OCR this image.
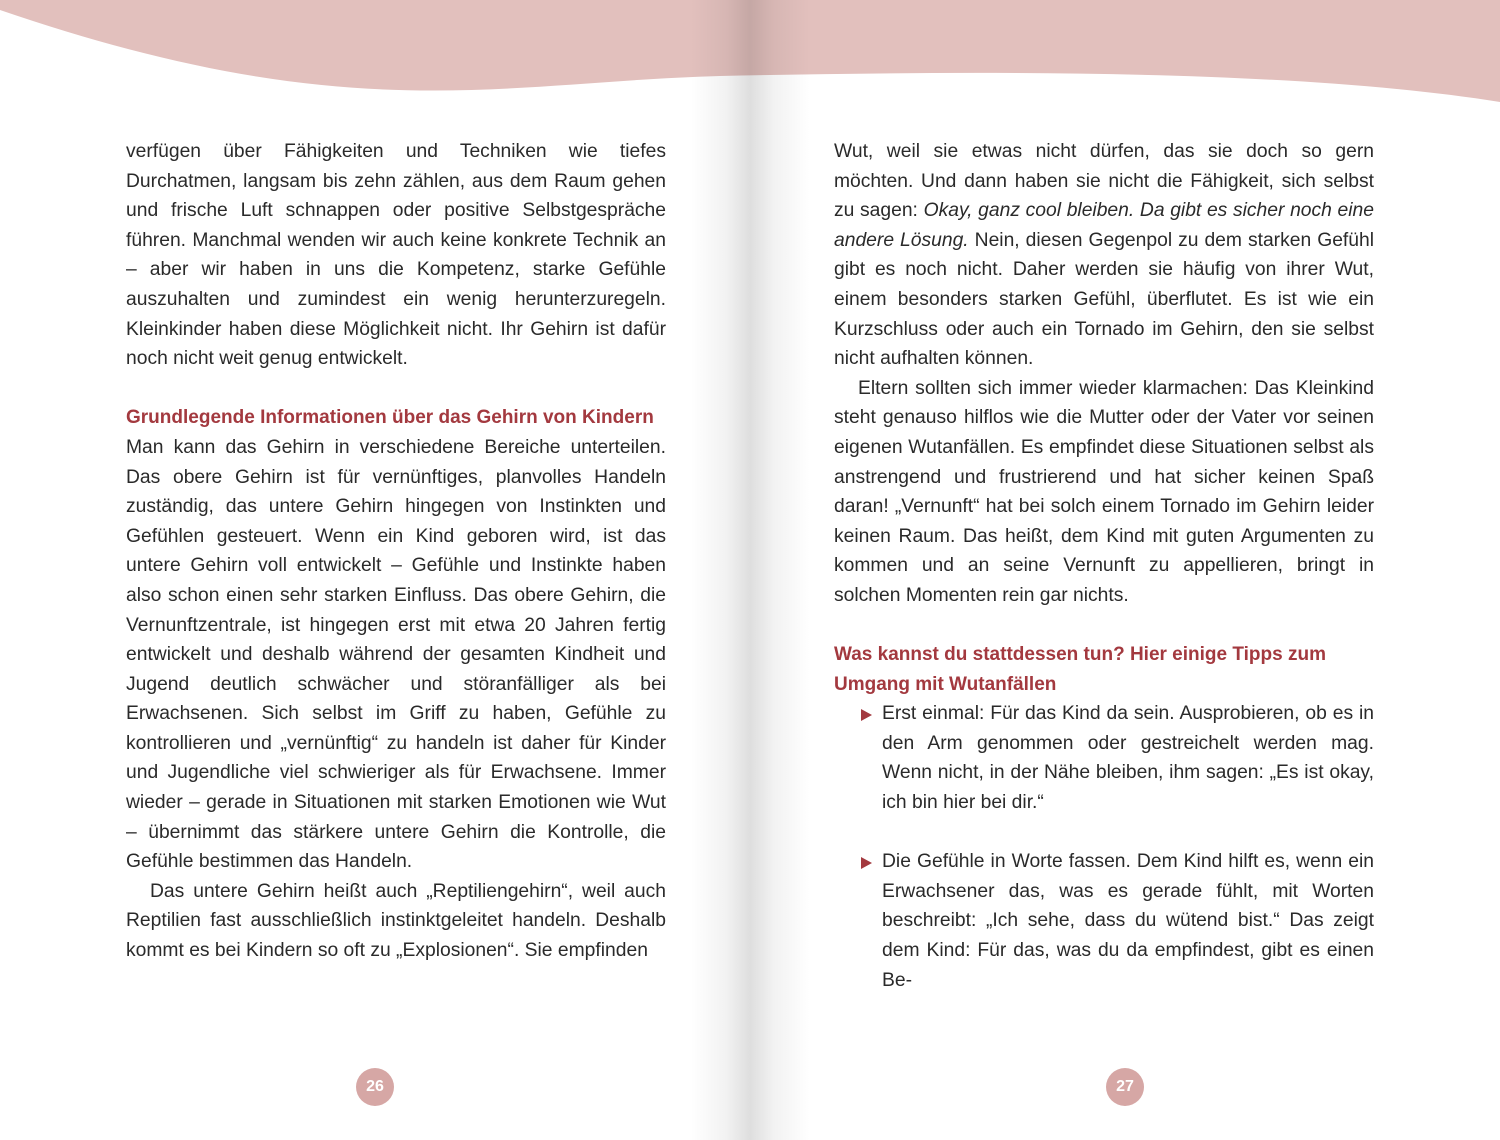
verfügen über Fähigkeiten und Techniken wie tiefes Durchatmen, langsam bis zehn zählen, aus dem Raum gehen und frische Luft schnappen oder positive Selbstgespräche führen. Manchmal wenden wir auch keine konkrete Technik an – aber wir haben in uns die Kompetenz, starke Gefühle auszuhalten und zumindest ein wenig herunterzuregeln. Kleinkinder haben diese Möglichkeit nicht. Ihr Gehirn ist dafür noch nicht weit genug entwickelt.

Grundlegende Informationen über das Gehirn von Kindern

Man kann das Gehirn in verschiedene Bereiche unterteilen. Das obere Gehirn ist für vernünftiges, planvolles Handeln zuständig, das untere Gehirn hingegen von Instinkten und Gefühlen gesteuert. Wenn ein Kind geboren wird, ist das untere Gehirn voll entwickelt – Gefühle und Instinkte haben also schon einen sehr starken Einfluss. Das obere Gehirn, die Vernunftzentrale, ist hingegen erst mit etwa 20 Jahren fertig entwickelt und deshalb während der gesamten Kindheit und Jugend deutlich schwächer und störanfälliger als bei Erwachsenen. Sich selbst im Griff zu haben, Gefühle zu kontrollieren und „vernünftig“ zu handeln ist daher für Kinder und Jugendliche viel schwieriger als für Erwachsene. Immer wieder – gerade in Situationen mit starken Emotionen wie Wut – übernimmt das stärkere untere Gehirn die Kontrolle, die Gefühle bestimmen das Handeln.

Das untere Gehirn heißt auch „Reptiliengehirn“, weil auch Reptilien fast ausschließlich instinktgeleitet handeln. Deshalb kommt es bei Kindern so oft zu „Explosionen“. Sie empfinden

Wut, weil sie etwas nicht dürfen, das sie doch so gern möchten. Und dann haben sie nicht die Fähigkeit, sich selbst zu sagen: Okay, ganz cool bleiben. Da gibt es sicher noch eine andere Lösung. Nein, diesen Gegenpol zu dem starken Gefühl gibt es noch nicht. Daher werden sie häufig von ihrer Wut, einem besonders starken Gefühl, überflutet. Es ist wie ein Kurzschluss oder auch ein Tornado im Gehirn, den sie selbst nicht aufhalten können.

Eltern sollten sich immer wieder klarmachen: Das Kleinkind steht genauso hilflos wie die Mutter oder der Vater vor seinen eigenen Wutanfällen. Es empfindet diese Situationen selbst als anstrengend und frustrierend und hat sicher keinen Spaß daran! „Vernunft“ hat bei solch einem Tornado im Gehirn leider keinen Raum. Das heißt, dem Kind mit guten Argumenten zu kommen und an seine Vernunft zu appellieren, bringt in solchen Momenten rein gar nichts.

Was kannst du stattdessen tun? Hier einige Tipps zum Umgang mit Wutanfällen

Erst einmal: Für das Kind da sein. Ausprobieren, ob es in den Arm genommen oder gestreichelt werden mag. Wenn nicht, in der Nähe bleiben, ihm sagen: „Es ist okay, ich bin hier bei dir.“

Die Gefühle in Worte fassen. Dem Kind hilft es, wenn ein Erwachsener das, was es gerade fühlt, mit Worten beschreibt: „Ich sehe, dass du wütend bist.“ Das zeigt dem Kind: Für das, was du da empfindest, gibt es einen Be-

26	27
